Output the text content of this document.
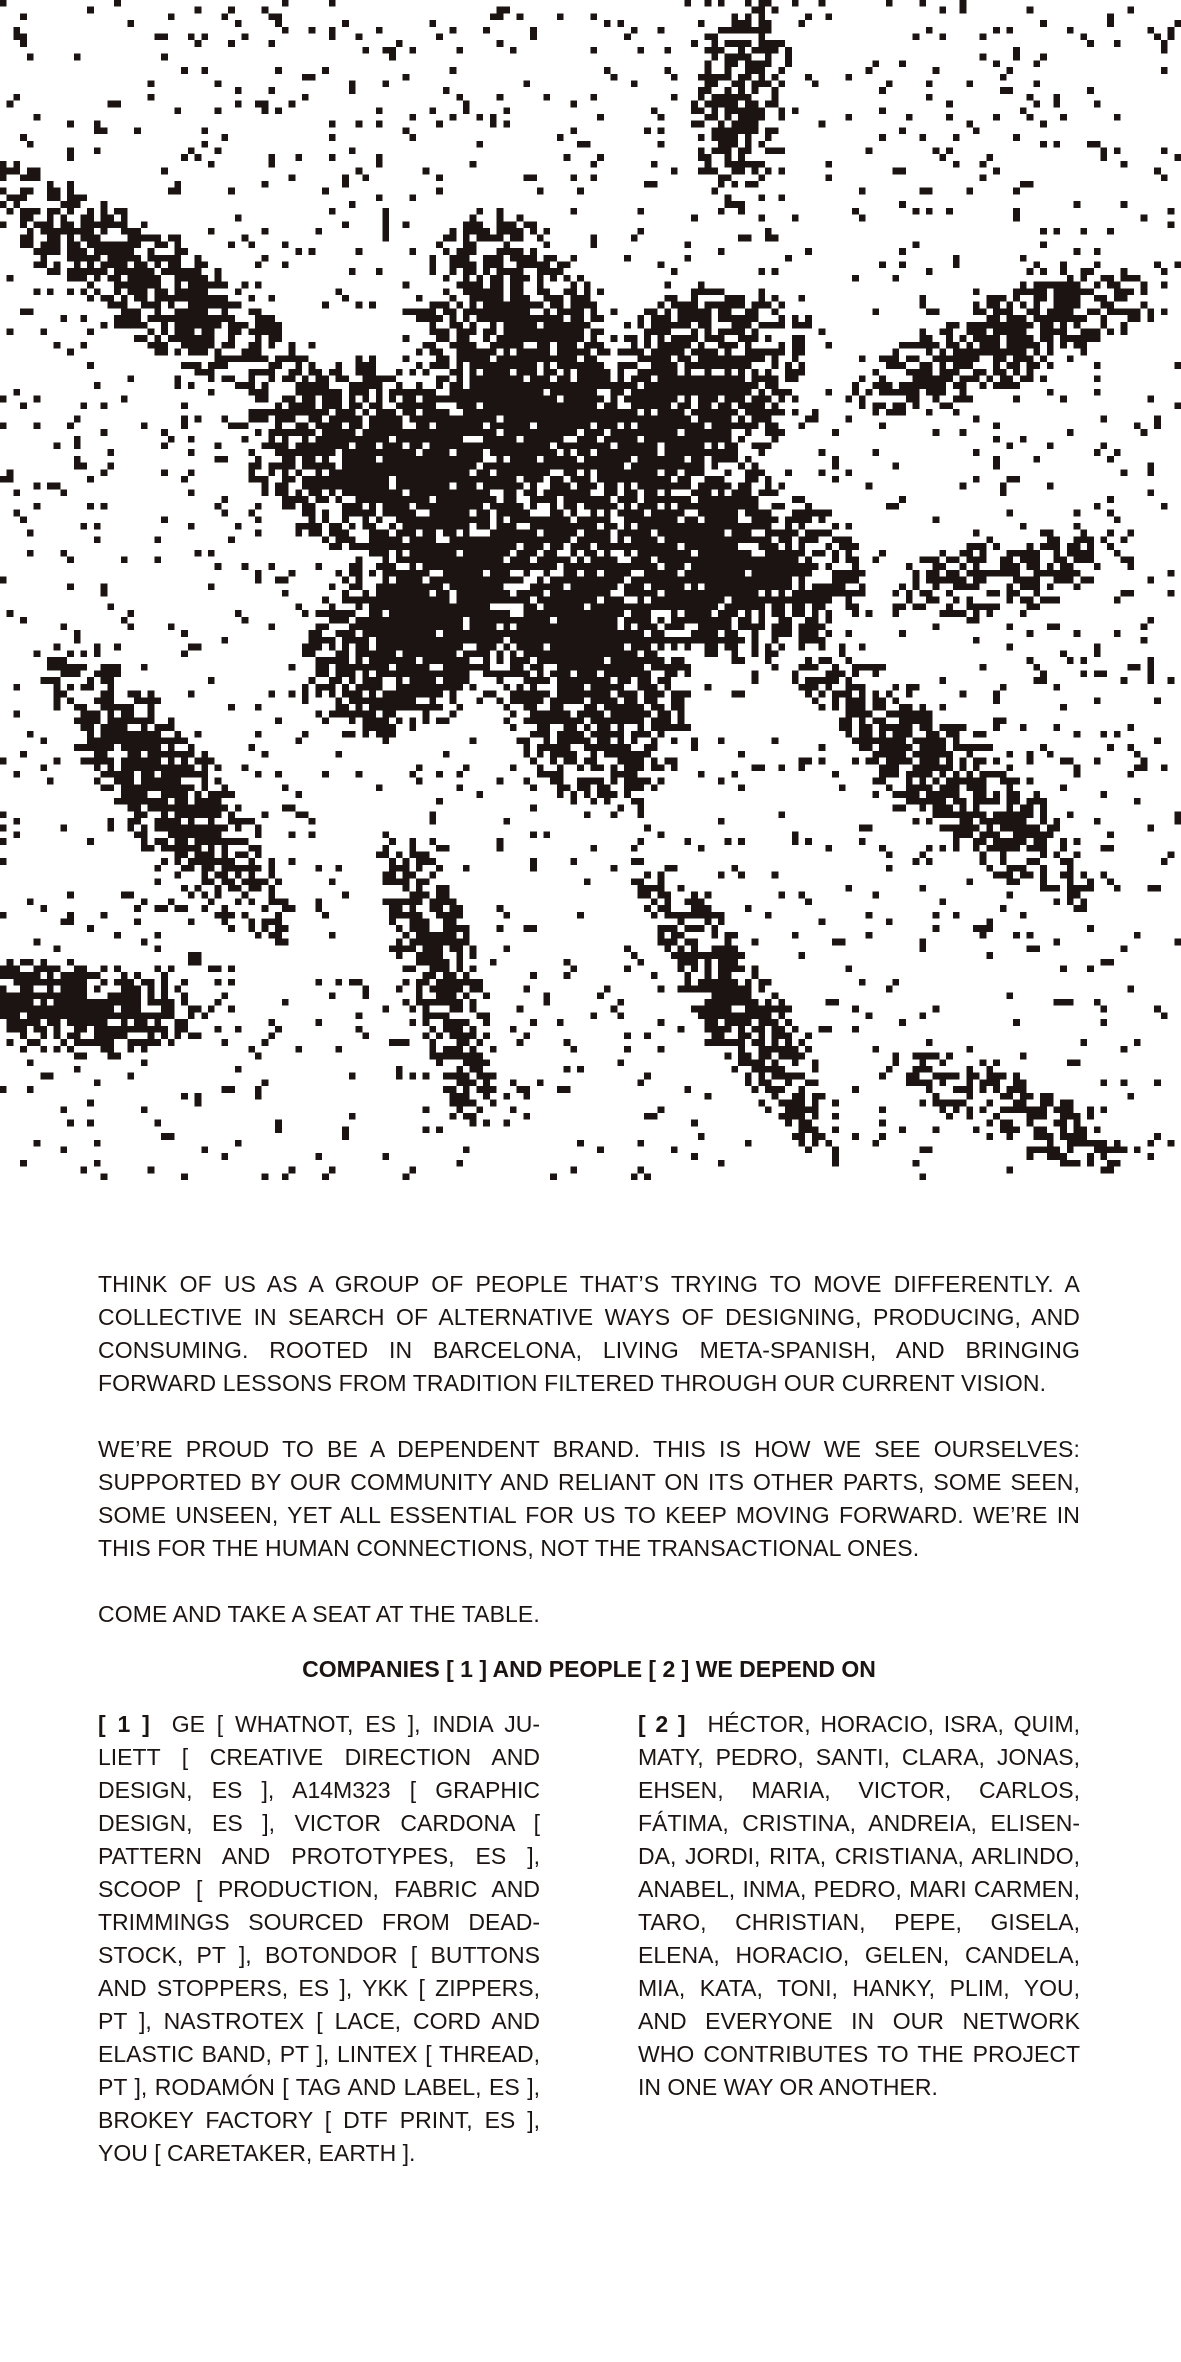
THINK OF US AS A GROUP OF PEOPLE THAT’S TRYING TO MOVE DIFFERENTLY. A COLLECTIVE IN SEARCH OF ALTERNATIVE WAYS OF DESIGNING, PRODUCING, AND CONSUMING. ROOTED IN BARCELONA, LIVING META-SPANISH, AND BRINGING FORWARD LESSONS FROM TRADITION FILTERED THROUGH OUR CURRENT VISION.

WE’RE PROUD TO BE A DEPENDENT BRAND. THIS IS HOW WE SEE OURSELVES: SUPPORTED BY OUR COMMUNITY AND RELIANT ON ITS OTHER PARTS, SOME SEEN, SOME UNSEEN, YET ALL ESSENTIAL FOR US TO KEEP MOVING FORWARD. WE’RE IN THIS FOR THE HUMAN CONNECTIONS, NOT THE TRANSACTIONAL ONES.

COME AND TAKE A SEAT AT THE TABLE.

COMPANIES [ 1 ] AND PEOPLE [ 2 ] WE DEPEND ON
[ 1 ] GE [ WHATNOT, ES ], INDIA JULIETT [ CREATIVE DIRECTION AND DESIGN, ES ], A14M323 [ GRAPHIC DESIGN, ES ], VICTOR CARDONA [ PATTERN AND PROTOTYPES, ES ], SCOOP [ PRODUCTION, FABRIC AND TRIMMINGS SOURCED FROM DEADSTOCK, PT ], BOTONDOR [ BUTTONS AND STOPPERS, ES ], YKK [ ZIPPERS, PT ], NASTROTEX [ LACE, CORD AND ELASTIC BAND, PT ], LINTEX [ THREAD, PT ], RODAMÓN [ TAG AND LABEL, ES ], BROKEY FACTORY [ DTF PRINT, ES ], YOU [ CARETAKER, EARTH ].
[ 2 ] HÉCTOR, HORACIO, ISRA, QUIM, MATY, PEDRO, SANTI, CLARA, JONAS, EHSEN, MARIA, VICTOR, CARLOS, FÁTIMA, CRISTINA, ANDREIA, ELISENDA, JORDI, RITA, CRISTIANA, ARLINDO, ANABEL, INMA, PEDRO, MARI CARMEN, TARO, CHRISTIAN, PEPE, GISELA, ELENA, HORACIO, GELEN, CANDELA, MIA, KATA, TONI, HANKY, PLIM, YOU, AND EVERYONE IN OUR NETWORK WHO CONTRIBUTES TO THE PROJECT IN ONE WAY OR ANOTHER.
